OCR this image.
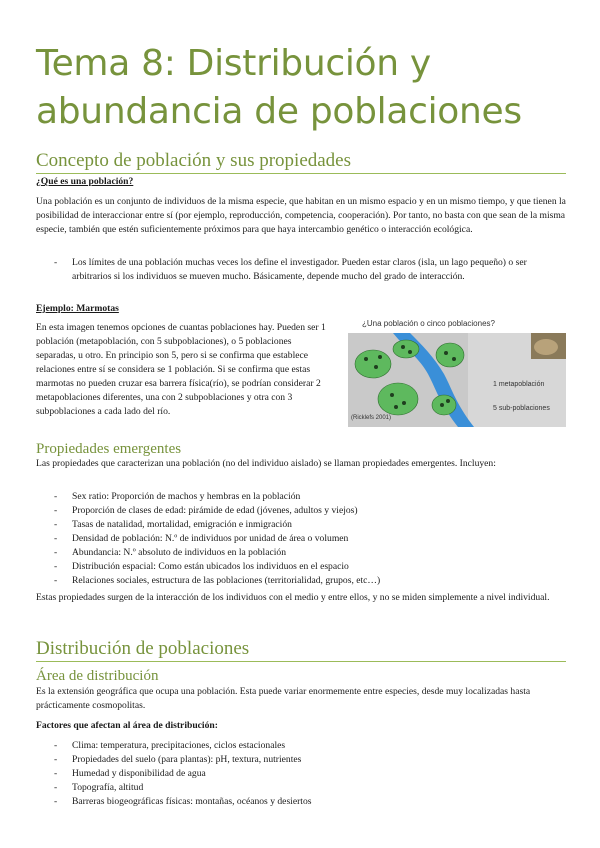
Tema 8: Distribución y
abundancia de poblaciones
Concepto de población y sus propiedades
¿Qué es una población?
Una población es un conjunto de individuos de la misma especie, que habitan en un mismo espacio y en un mismo tiempo, y que tienen la posibilidad de interaccionar entre sí (por ejemplo, reproducción, competencia, cooperación). Por tanto, no basta con que sean de la misma especie, también que estén suficientemente próximos para que haya intercambio genético o interacción ecológica.
- Los límites de una población muchas veces los define el investigador. Pueden estar claros (isla, un lago pequeño) o ser arbitrarios si los individuos se mueven mucho. Básicamente, depende mucho del grado de interacción.
Ejemplo: Marmotas
En esta imagen tenemos opciones de cuantas poblaciones hay. Pueden ser 1 población (metapoblación, con 5 subpoblaciones), o 5 poblaciones separadas, u otro. En principio son 5, pero si se confirma que establece relaciones entre sí se considera se 1 población. Si se confirma que estas marmotas no pueden cruzar esa barrera física(río), se podrían considerar 2 metapoblaciones diferentes, una con 2 subpoblaciones y otra con 3 subpoblaciones a cada lado del río.
¿Una población o cinco poblaciones?
1 metapoblación
5 sub-poblaciones
(Ricklefs 2001)
Propiedades emergentes
Las propiedades que caracterizan una población (no del individuo aislado) se llaman propiedades emergentes. Incluyen:
- Sex ratio: Proporción de machos y hembras en la población
- Proporción de clases de edad: pirámide de edad (jóvenes, adultos y viejos)
- Tasas de natalidad, mortalidad, emigración e inmigración
- Densidad de población: N.º de individuos por unidad de área o volumen
- Abundancia: N.º absoluto de individuos en la población
- Distribución espacial: Como están ubicados los individuos en el espacio
- Relaciones sociales, estructura de las poblaciones (territorialidad, grupos, etc…)
Estas propiedades surgen de la interacción de los individuos con el medio y entre ellos, y no se miden simplemente a nivel individual.
Distribución de poblaciones
Área de distribución
Es la extensión geográfica que ocupa una población. Esta puede variar enormemente entre especies, desde muy localizadas hasta prácticamente cosmopolitas.
Factores que afectan al área de distribución:
- Clima: temperatura, precipitaciones, ciclos estacionales
- Propiedades del suelo (para plantas): pH, textura, nutrientes
- Humedad y disponibilidad de agua
- Topografía, altitud
- Barreras biogeográficas físicas: montañas, océanos y desiertos
